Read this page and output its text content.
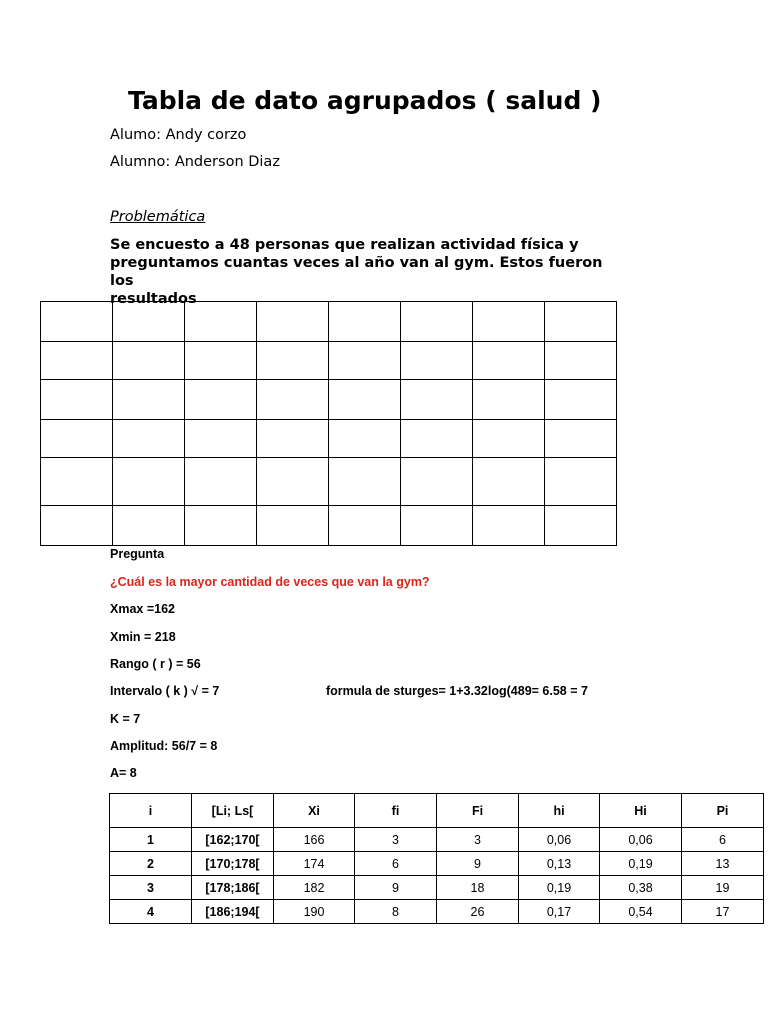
Tabla de dato agrupados ( salud )
Alumo: Andy corzo
Alumno: Anderson Diaz
Problemática
Se encuesto a 48 personas que realizan actividad física y
preguntamos cuantas veces al año van al gym. Estos fueron los
resultados

Pregunta
¿Cuál es la mayor cantidad de veces que van la gym?
Xmax =162
Xmin = 218
Rango ( r ) = 56
Intervalo ( k ) √ = 7	formula de sturges= 1+3.32log(489= 6.58 = 7
K = 7
Amplitud: 56/7 = 8
A= 8
i	[Li; Ls[	Xi	fi	Fi	hi	Hi	Pi
1	[162;170[	166	3	3	0,06	0,06	6
2	[170;178[	174	6	9	0,13	0,19	13
3	[178;186[	182	9	18	0,19	0,38	19
4	[186;194[	190	8	26	0,17	0,54	17
